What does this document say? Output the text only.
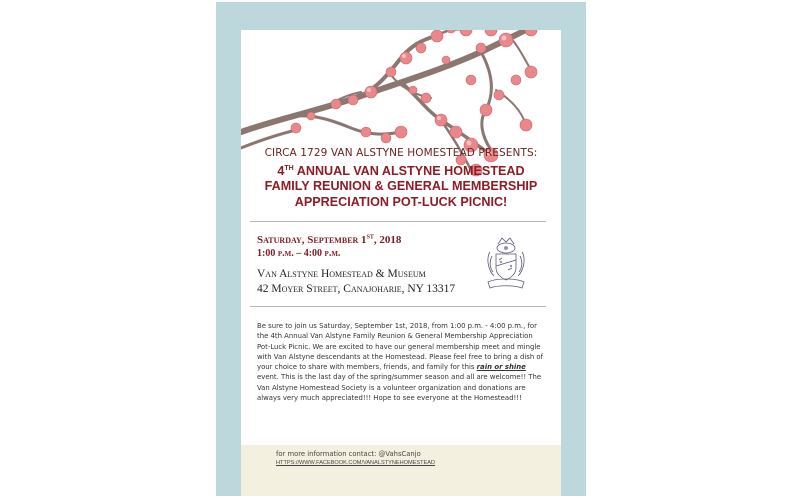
CIRCA 1729 VAN ALSTYNE HOMESTEAD PRESENTS:
4TH ANNUAL VAN ALSTYNE HOMESTEAD
FAMILY REUNION & GENERAL MEMBERSHIP
APPRECIATION POT-LUCK PICNIC!
Saturday, September 1ST, 2018
1:00 p.m. – 4:00 p.m.
Van Alstyne Homestead & Museum
42 Moyer Street, Canajoharie, NY 13317
Be sure to join us Saturday, September 1st, 2018, from 1:00 p.m. - 4:00 p.m., for the 4th Annual Van Alstyne Family Reunion & General Membership Appreciation Pot-Luck Picnic. We are excited to have our general membership meet and mingle with Van Alstyne descendants at the Homestead. Please feel free to bring a dish of your choice to share with members, friends, and family for this rain or shine event. This is the last day of the spring/summer season and all are welcome!! The Van Alstyne Homestead Society is a volunteer organization and donations are always very much appreciated!!! Hope to see everyone at the Homestead!!!
for more information contact: @VahsCanjo
HTTPS://WWW.FACEBOOK.COM/VANALSTYNEHOMESTEAD
